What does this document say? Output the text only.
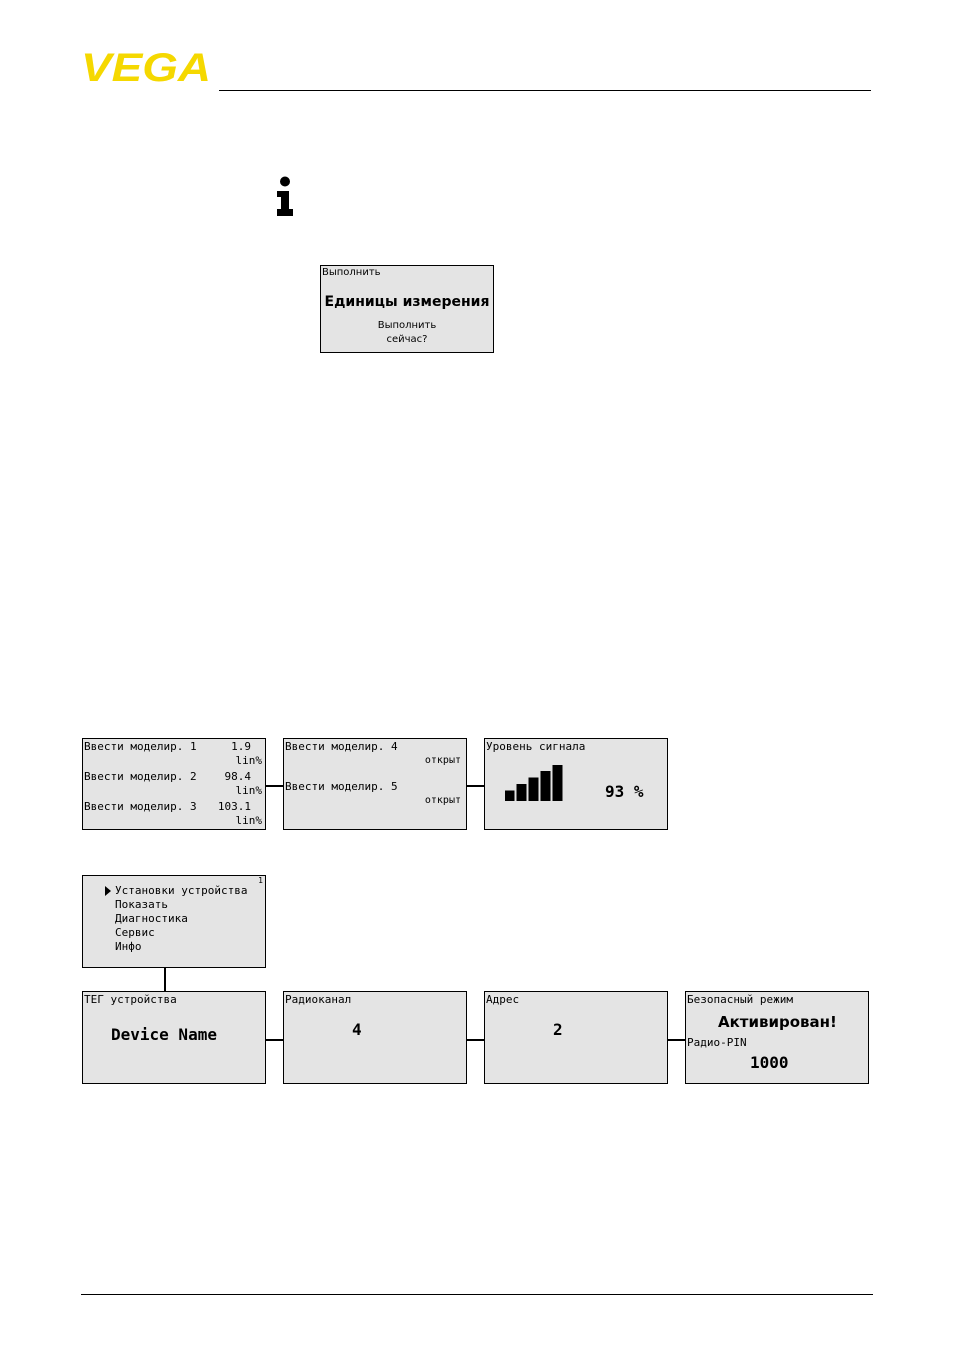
VEGA
Выполнить
Единицы измерения
Выполнить
сейчас?
Ввести моделир. 1	1.9
lin%
Ввести моделир. 2	98.4
lin%
Ввести моделир. 3 103.1
lin%
Ввести моделир. 4
открыт
Ввести моделир. 5
открыт
Уровень сигнала
93 %
1
Установки устройства
Показать
Диагностика
Сервис
Инфо
ТЕГ устройства
Device Name
Радиоканал
4
Адрес
2
Безопасный режим
Активирован!
Радио-PIN
1000
